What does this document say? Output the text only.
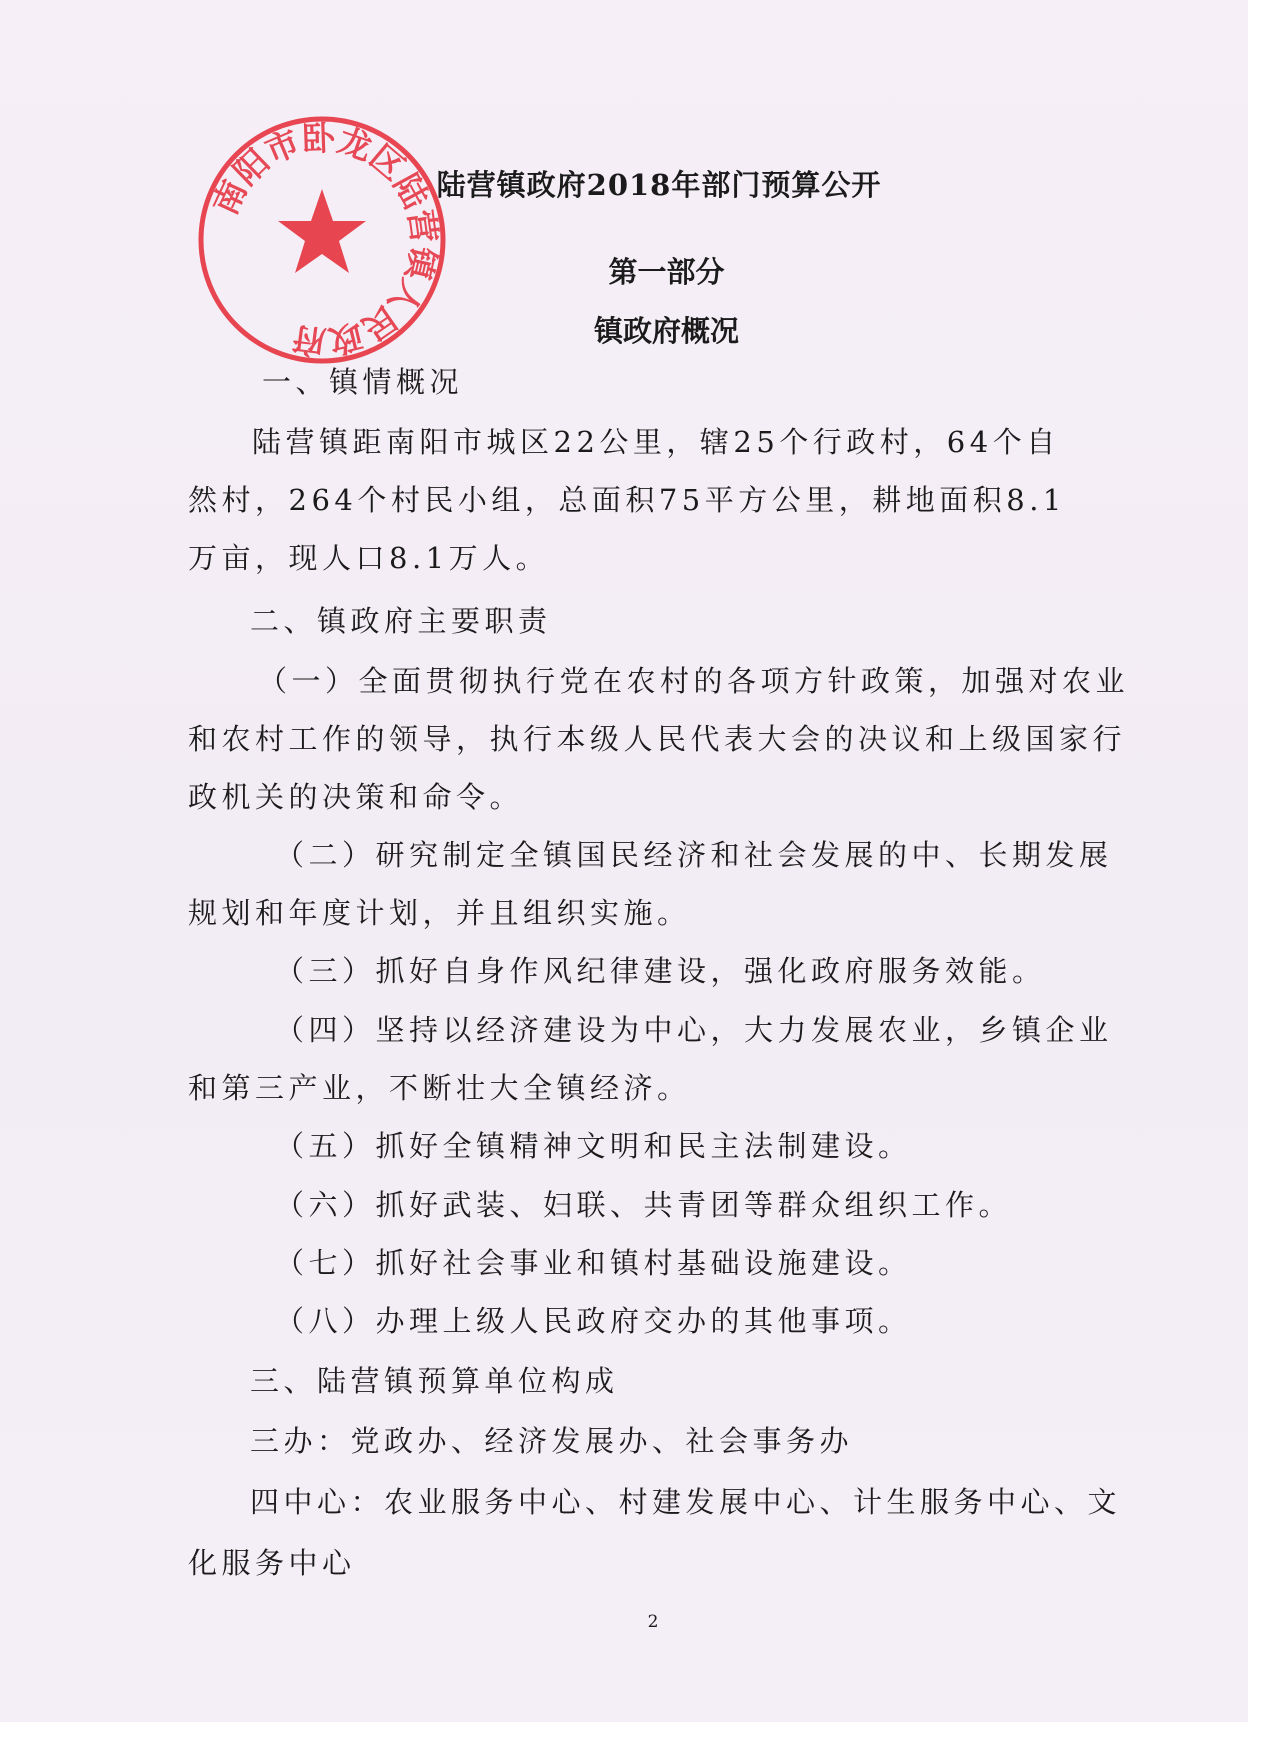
南阳市卧龙区陆营镇人民政府
陆营镇政府2018年部门预算公开
第一部分
镇政府概况
一、镇情概况
陆营镇距南阳市城区22公里，辖25个行政村，64个自
然村，264个村民小组，总面积75平方公里，耕地面积8.1
万亩，现人口8.1万人。
二、镇政府主要职责
（一）全面贯彻执行党在农村的各项方针政策，加强对农业
和农村工作的领导，执行本级人民代表大会的决议和上级国家行
政机关的决策和命令。
（二）研究制定全镇国民经济和社会发展的中、长期发展
规划和年度计划，并且组织实施。
（三）抓好自身作风纪律建设，强化政府服务效能。
（四）坚持以经济建设为中心，大力发展农业，乡镇企业
和第三产业，不断壮大全镇经济。
（五）抓好全镇精神文明和民主法制建设。
（六）抓好武装、妇联、共青团等群众组织工作。
（七）抓好社会事业和镇村基础设施建设。
（八）办理上级人民政府交办的其他事项。
三、陆营镇预算单位构成
三办：党政办、经济发展办、社会事务办
四中心：农业服务中心、村建发展中心、计生服务中心、文
化服务中心
2
